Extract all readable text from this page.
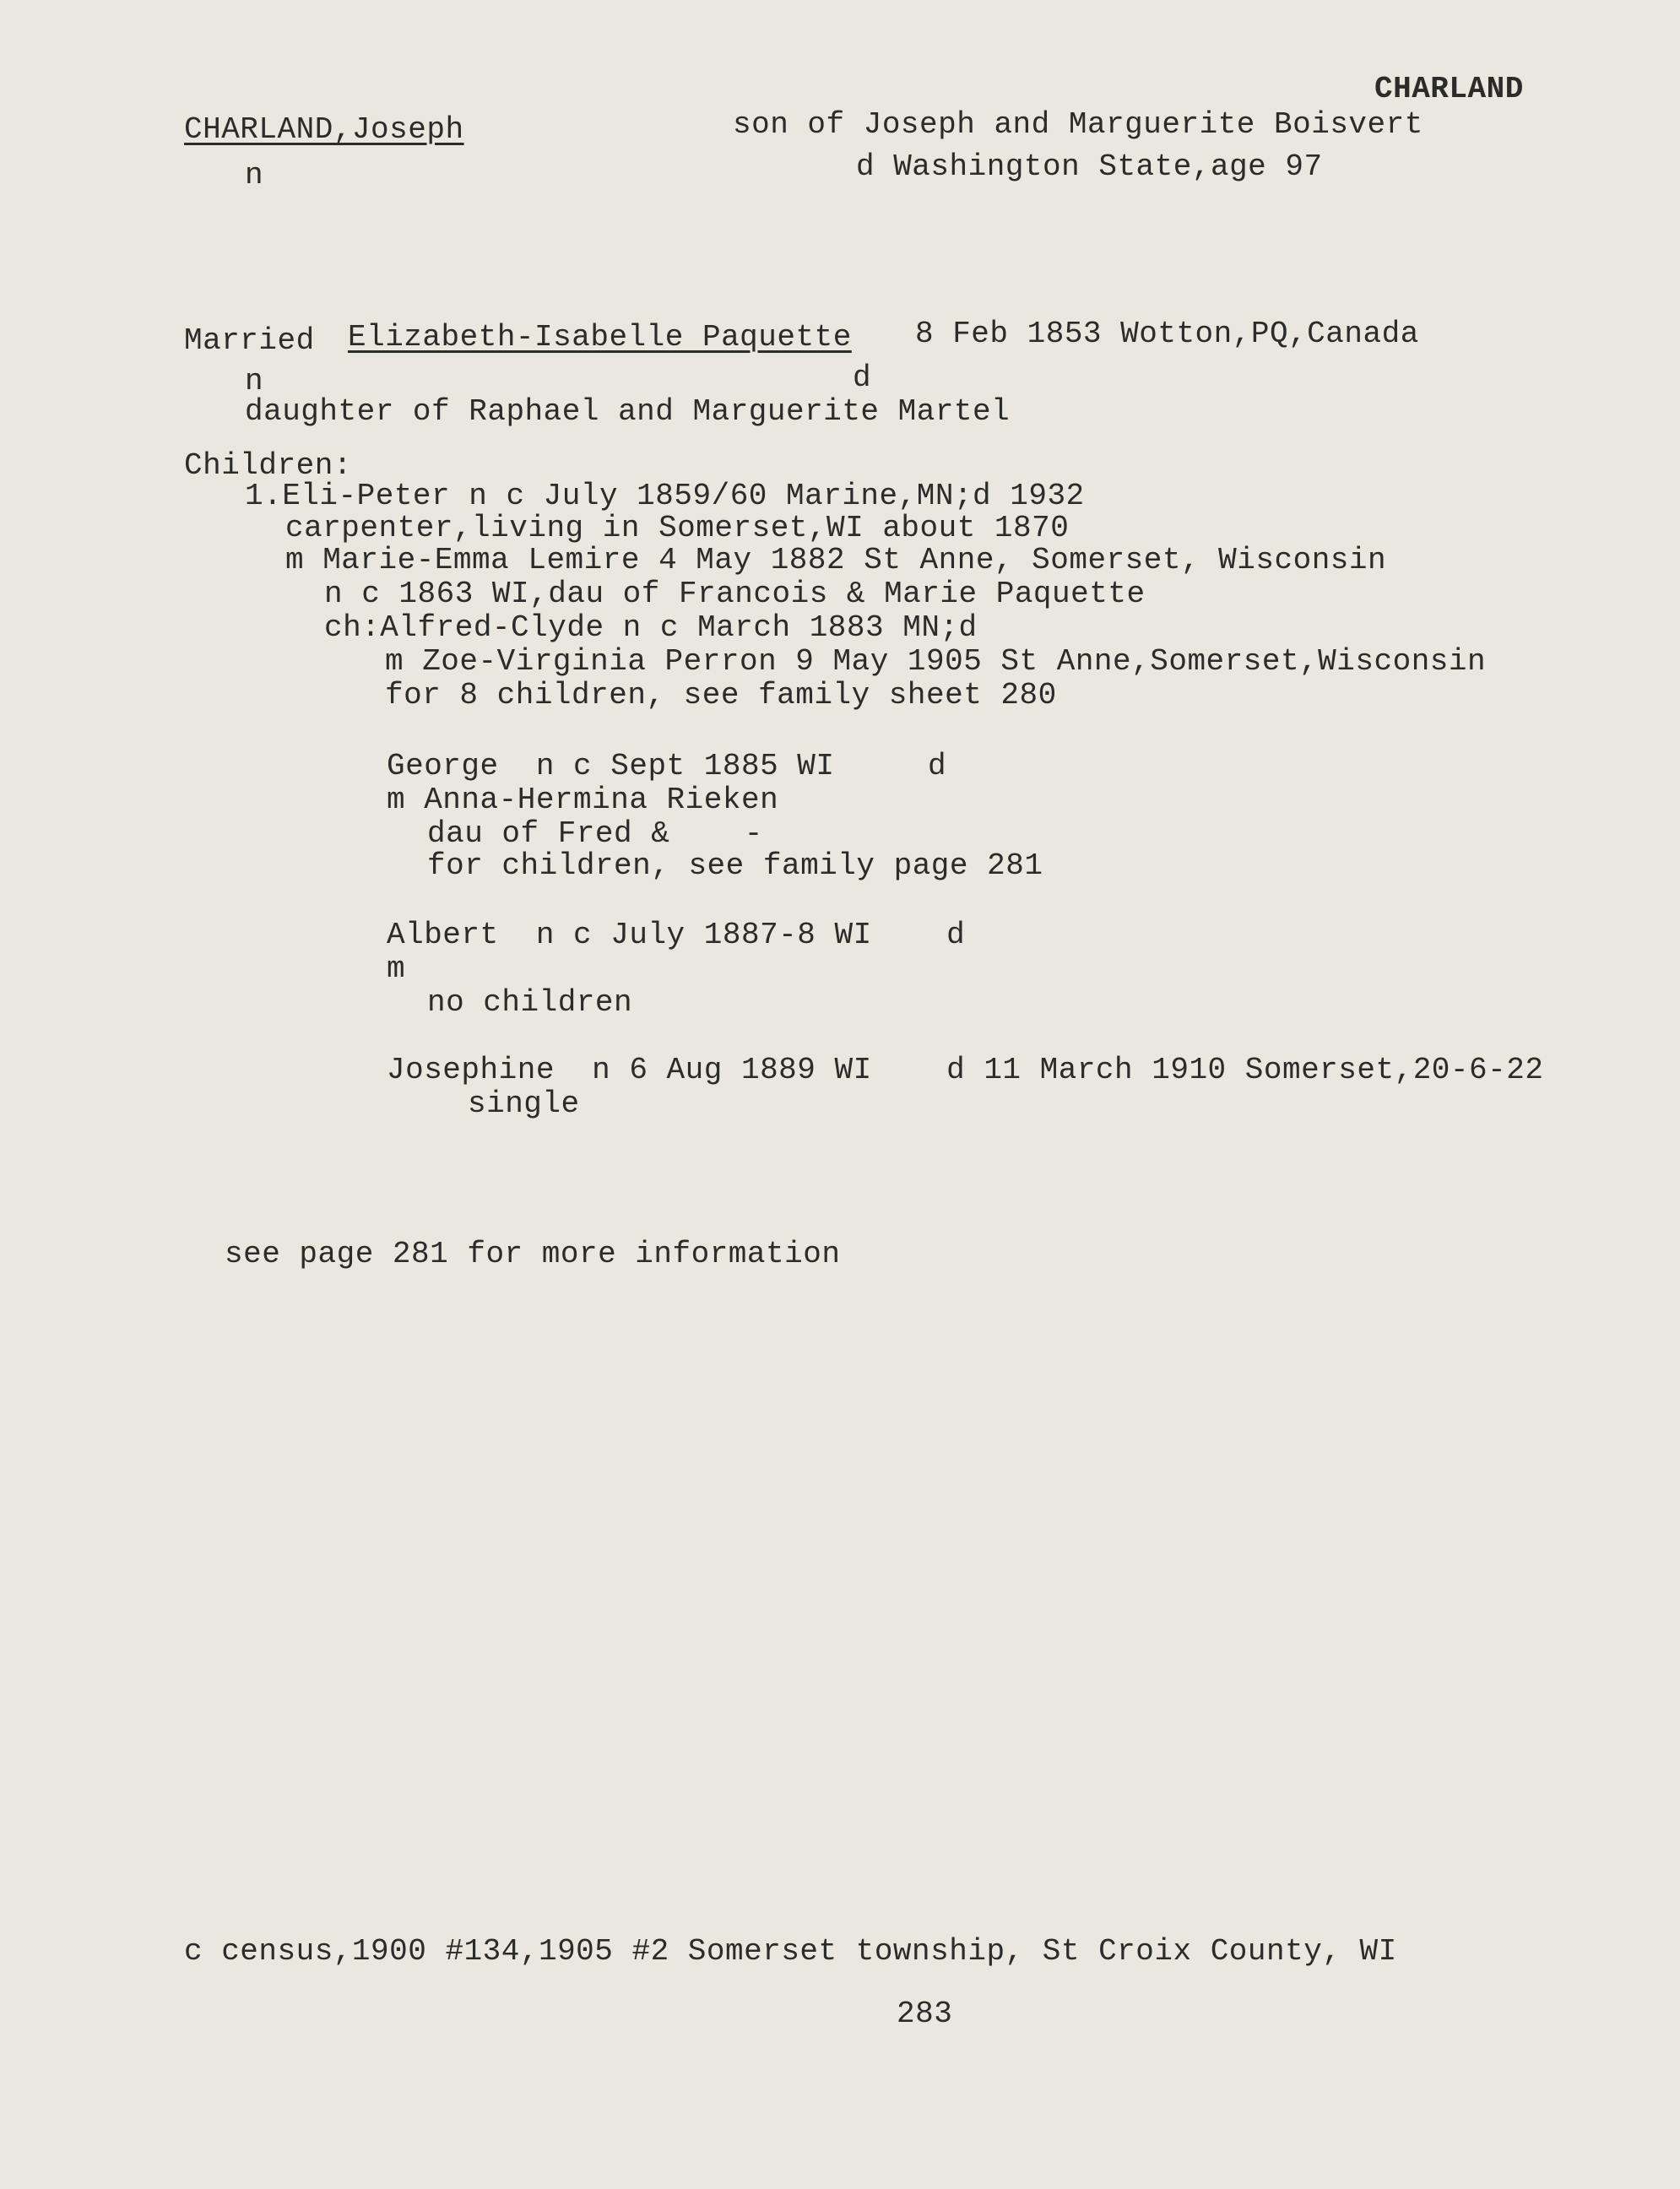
CHARLAND
CHARLAND,Joseph	son of Joseph and Marguerite Boisvert
n	d Washington State,age 97
Married Elizabeth-Isabelle Paquette 8 Feb 1853 Wotton,PQ,Canada
n	d
daughter of Raphael and Marguerite Martel
Children:
1.Eli-Peter n c July 1859/60 Marine,MN;d 1932
carpenter,living in Somerset,WI about 1870
m Marie-Emma Lemire 4 May 1882 St Anne, Somerset, Wisconsin
n c 1863 WI,dau of Francois & Marie Paquette
ch:Alfred-Clyde n c March 1883 MN;d
m Zoe-Virginia Perron 9 May 1905 St Anne,Somerset,Wisconsin
for 8 children, see family sheet 280
George  n c Sept 1885 WI     d
m Anna-Hermina Rieken
dau of Fred &    -
for children, see family page 281
Albert  n c July 1887-8 WI    d
m
no children
Josephine  n 6 Aug 1889 WI    d 11 March 1910 Somerset,20-6-22
single
see page 281 for more information
c census,1900 #134,1905 #2 Somerset township, St Croix County, WI
283
